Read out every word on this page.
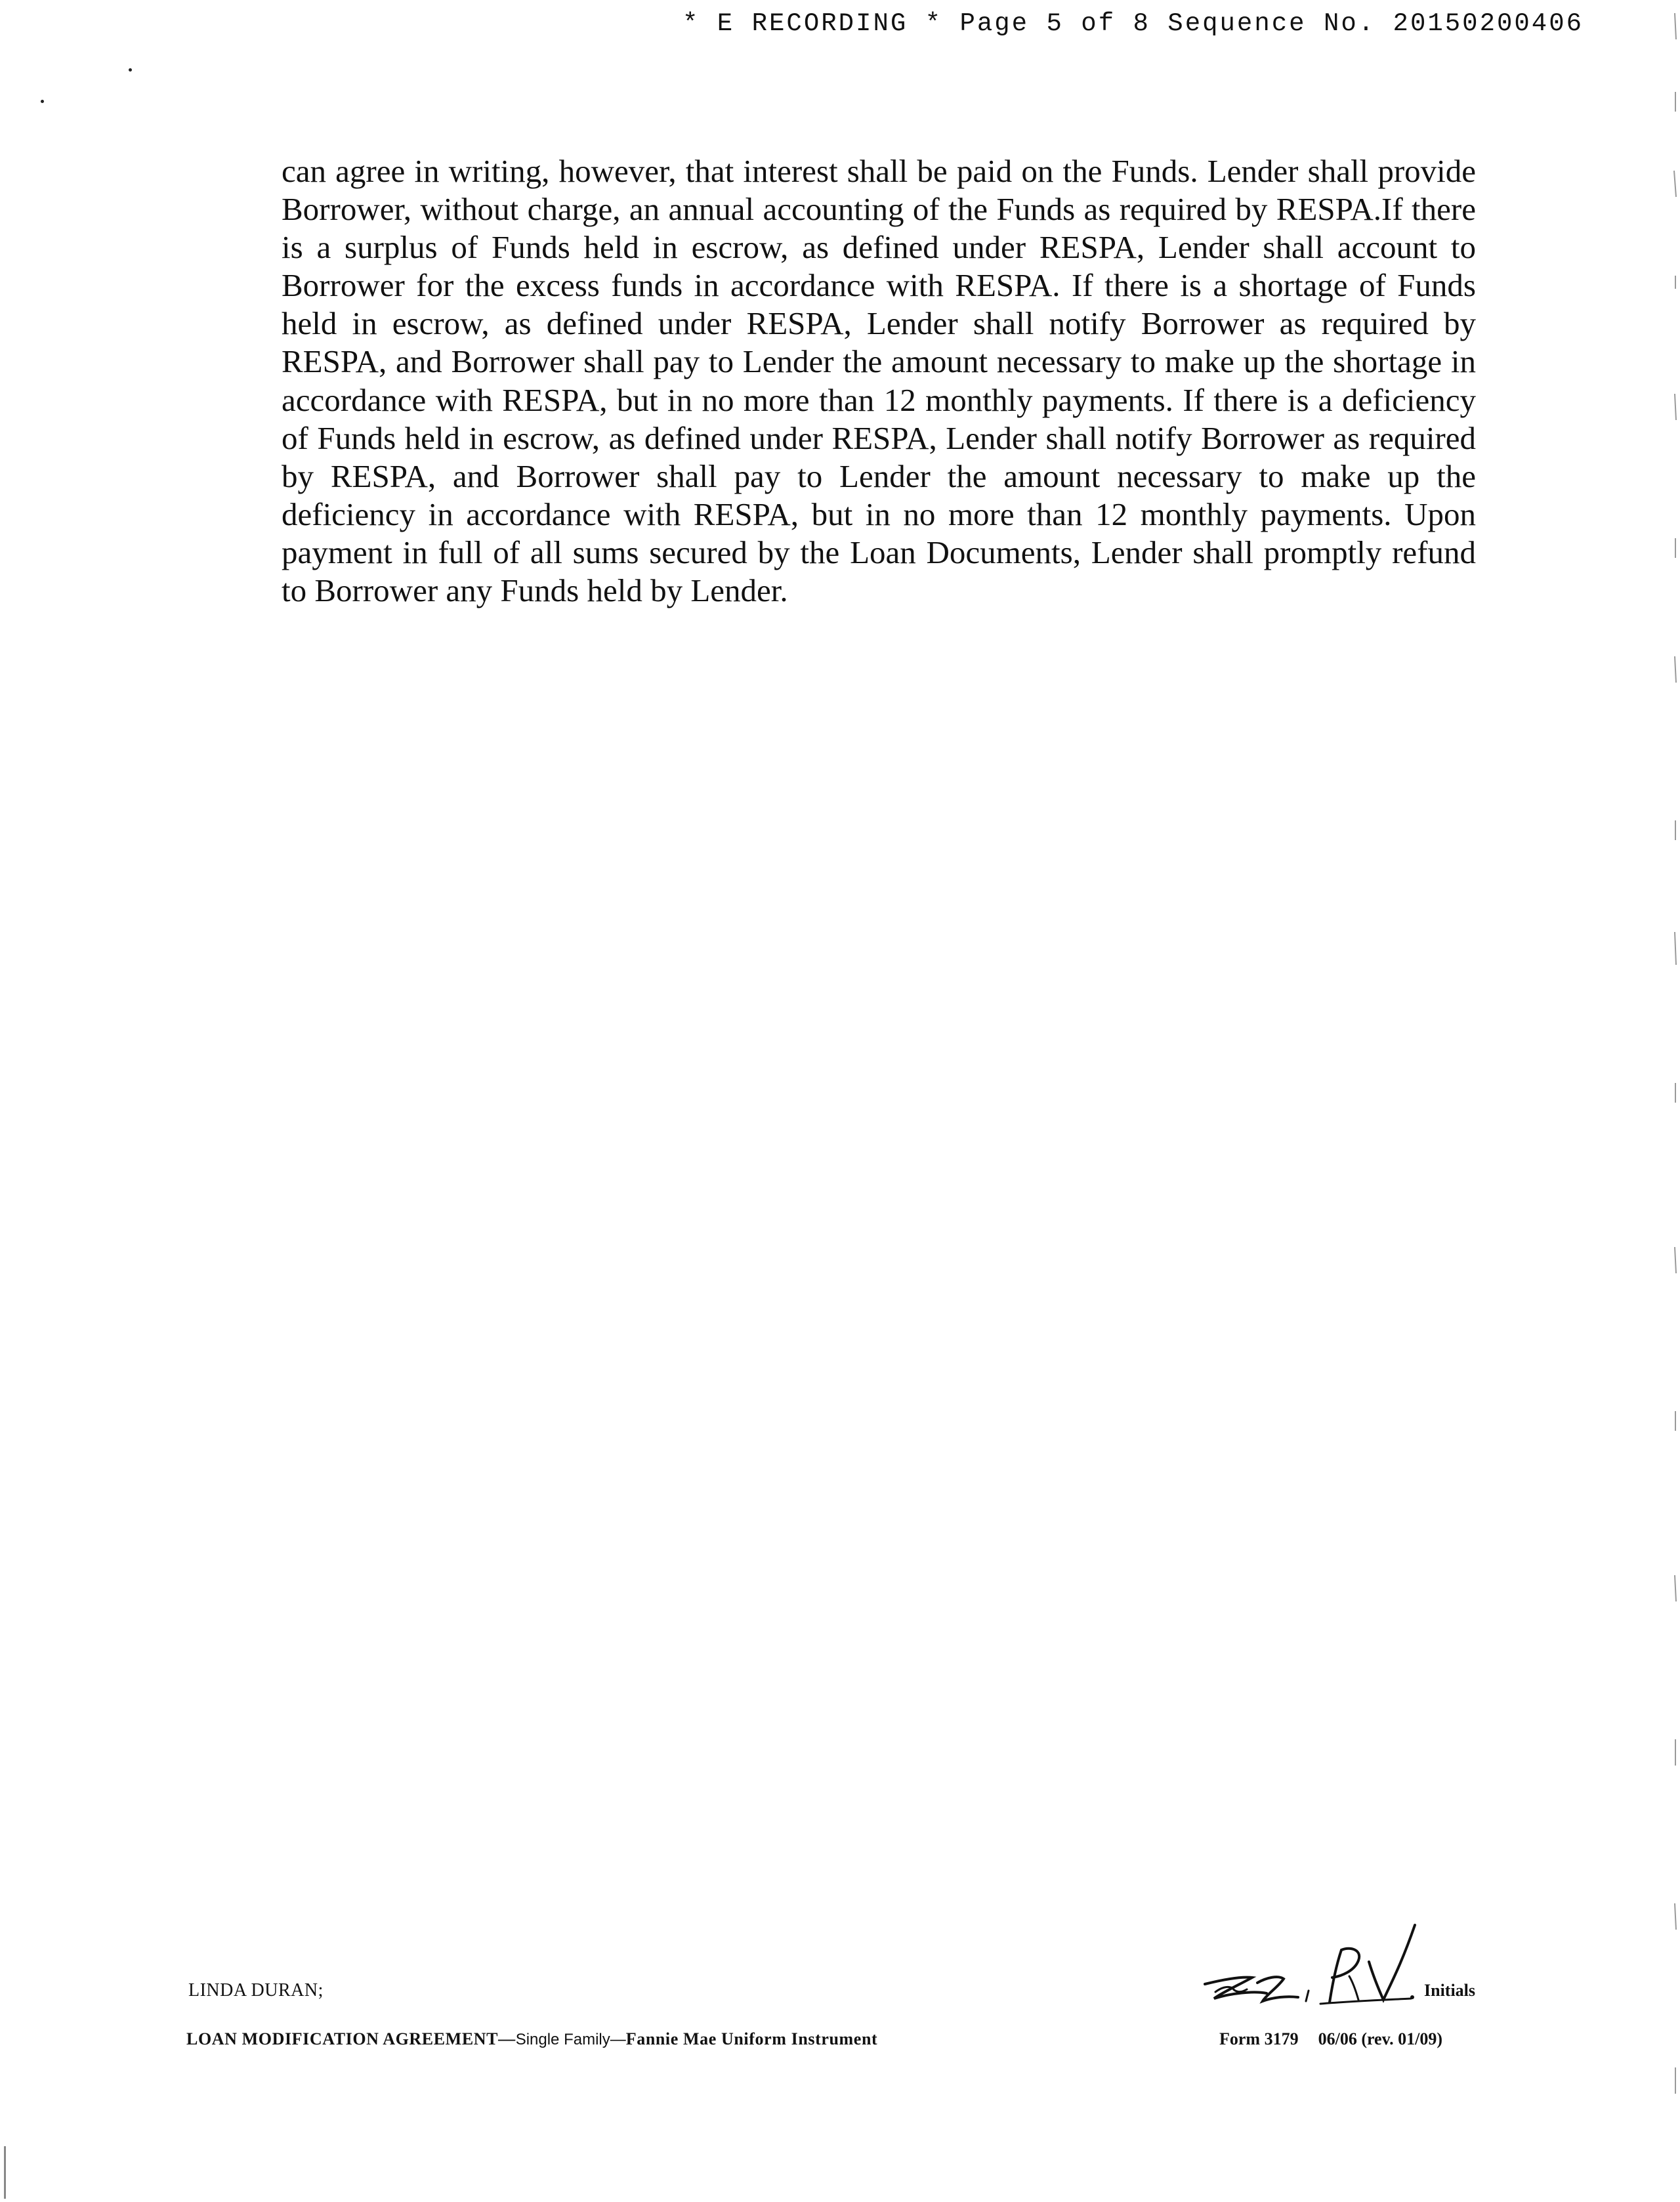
* E RECORDING * Page 5 of 8 Sequence No. 20150200406

can agree in writing, however, that interest shall be paid on the Funds. Lender shall provide Borrower, without charge, an annual accounting of the Funds as required by RESPA.If there is a surplus of Funds held in escrow, as defined under RESPA, Lender shall account to Borrower for the excess funds in accordance with RESPA. If there is a shortage of Funds held in escrow, as defined under RESPA, Lender shall notify Borrower as required by RESPA, and Borrower shall pay to Lender the amount necessary to make up the shortage in accordance with RESPA, but in no more than 12 monthly payments. If there is a deficiency of Funds held in escrow, as defined under RESPA, Lender shall notify Borrower as required by RESPA, and Borrower shall pay to Lender the amount necessary to make up the deficiency in accordance with RESPA, but in no more than 12 monthly payments. Upon payment in full of all sums secured by the Loan Documents, Lender shall promptly refund to Borrower any Funds held by Lender.

LINDA DURAN;	Initials
LOAN MODIFICATION AGREEMENT—Single Family—Fannie Mae Uniform Instrument	Form 3179 06/06 (rev. 01/09)
